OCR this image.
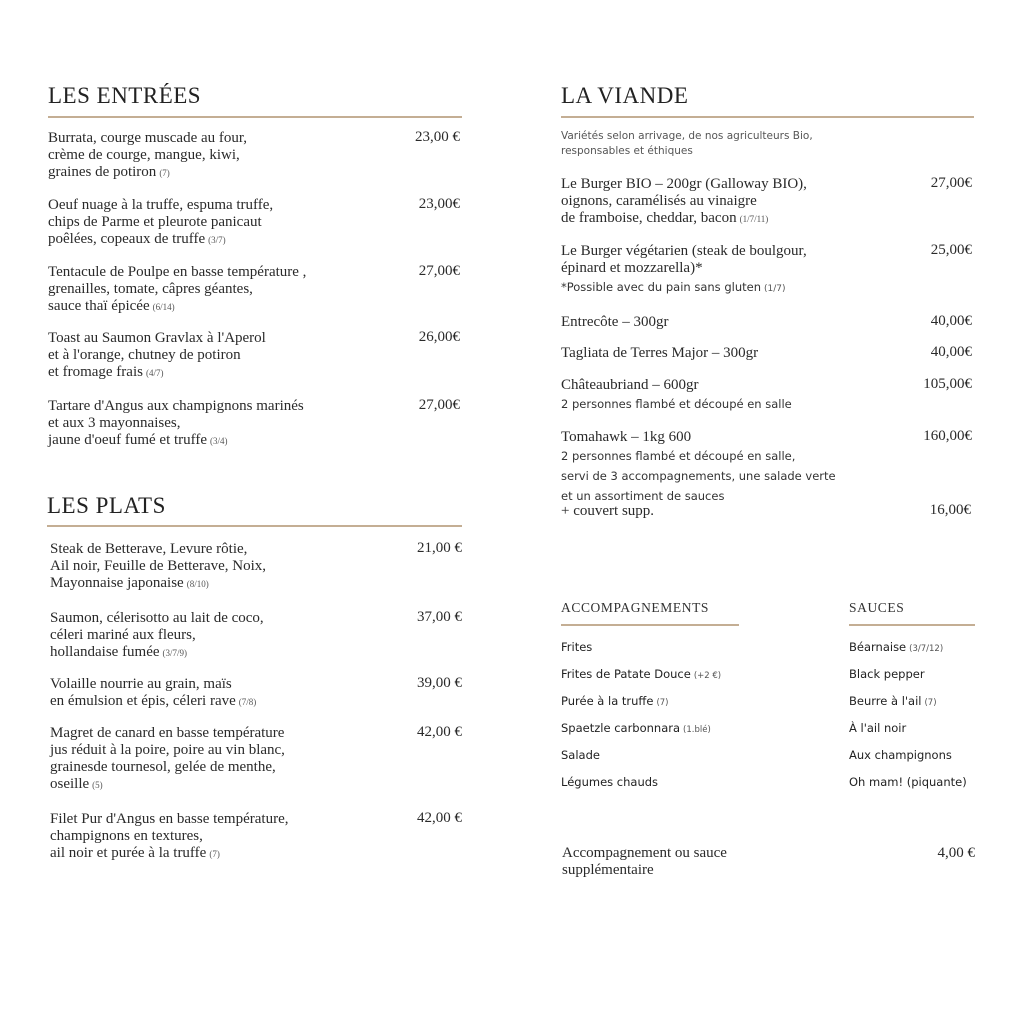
LES ENTRÉES
Burrata, courge muscade au four,
crème de courge, mangue, kiwi,
graines de potiron (7)
23,00 €
Oeuf nuage à la truffe, espuma truffe,
chips de Parme et pleurote panicaut
poêlées, copeaux de truffe (3/7)
23,00€
Tentacule de Poulpe en basse température ,
grenailles, tomate, câpres géantes,
sauce thaï épicée (6/14)
27,00€
Toast au Saumon Gravlax à l'Aperol
et à l'orange, chutney de potiron
et fromage frais (4/7)
26,00€
Tartare d'Angus aux champignons marinés
et aux 3 mayonnaises,
jaune d'oeuf fumé et truffe (3/4)
27,00€
LES PLATS
Steak de Betterave, Levure rôtie,
Ail noir, Feuille de Betterave, Noix,
Mayonnaise japonaise (8/10)
21,00 €
Saumon, célerisotto au lait de coco,
céleri mariné aux fleurs,
hollandaise fumée (3/7/9)
37,00 €
Volaille nourrie au grain, maïs
en émulsion et épis, céleri rave (7/8)
39,00 €
Magret de canard en basse température
jus réduit à la poire, poire au vin blanc,
grainesde tournesol, gelée de menthe,
oseille (5)
42,00 €
Filet Pur d'Angus en basse température,
champignons en textures,
ail noir et purée à la truffe (7)
42,00 €
LA VIANDE
Variétés selon arrivage, de nos agriculteurs Bio,
responsables et éthiques
Le Burger BIO – 200gr (Galloway BIO),
oignons, caramélisés au vinaigre
de framboise, cheddar, bacon (1/7/11)
27,00€
Le Burger végétarien (steak de boulgour,
épinard et mozzarella)*
*Possible avec du pain sans gluten (1/7)
25,00€
Entrecôte – 300gr	40,00€
Tagliata de Terres Major – 300gr	40,00€
Châteaubriand – 600gr
2 personnes flambé et découpé en salle
105,00€
Tomahawk – 1kg 600
2 personnes flambé et découpé en salle,
servi de 3 accompagnements, une salade verte
et un assortiment de sauces
160,00€
+ couvert supp.	16,00€
ACCOMPAGNEMENTS	SAUCES
Frites
Frites de Patate Douce (+2 €)
Purée à la truffe (7)
Spaetzle carbonnara (1.blé)
Salade
Légumes chauds
Béarnaise (3/7/12)
Black pepper
Beurre à l'ail (7)
À l'ail noir
Aux champignons
Oh mam! (piquante)
Accompagnement ou sauce
supplémentaire
4,00 €
